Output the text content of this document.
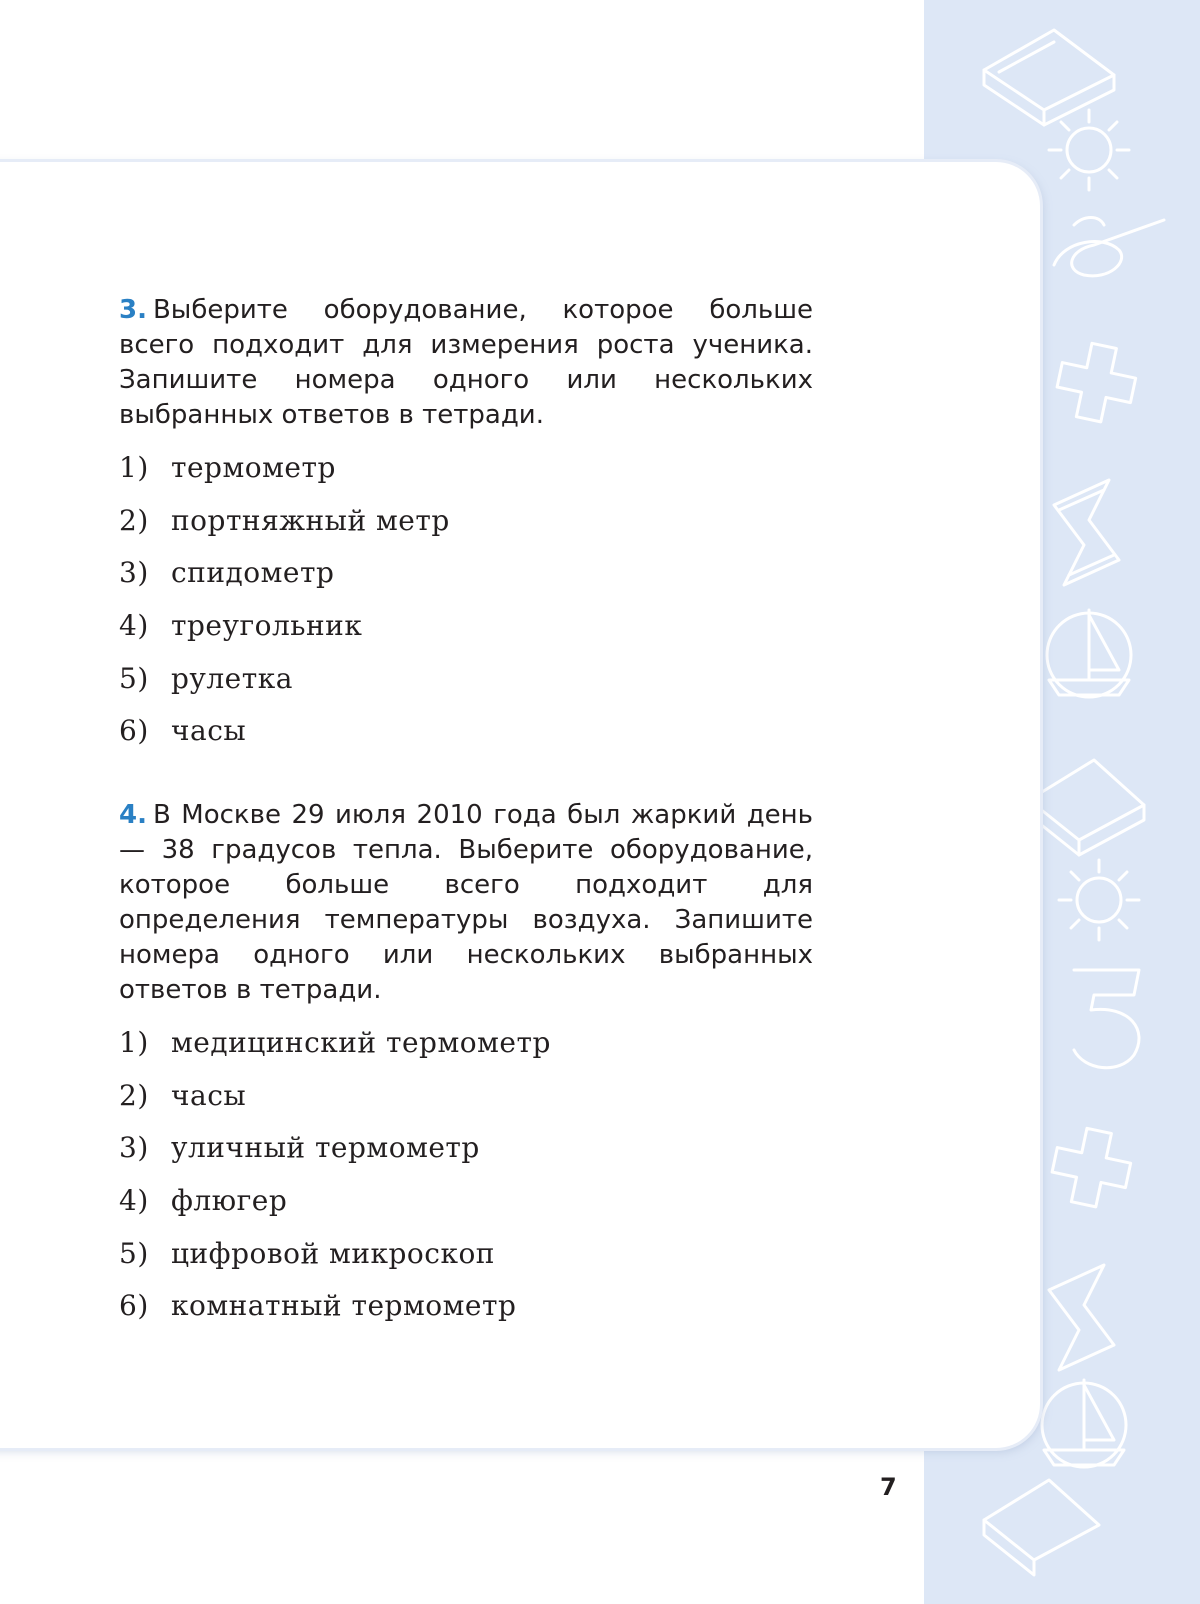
3. Выберите оборудование, которое больше всего подходит для измерения роста ученика. Запишите номера одного или нескольких выбранных ответов в тетради.
1) термометр
2) портняжный метр
3) спидометр
4) треугольник
5) рулетка
6) часы
4. В Москве 29 июля 2010 года был жаркий день — 38 градусов тепла. Выберите оборудование, которое больше всего подходит для определения температуры воздуха. Запишите номера одного или нескольких выбранных ответов в тетради.
1) медицинский термометр
2) часы
3) уличный термометр
4) флюгер
5) цифровой микроскоп
6) комнатный термометр
7
